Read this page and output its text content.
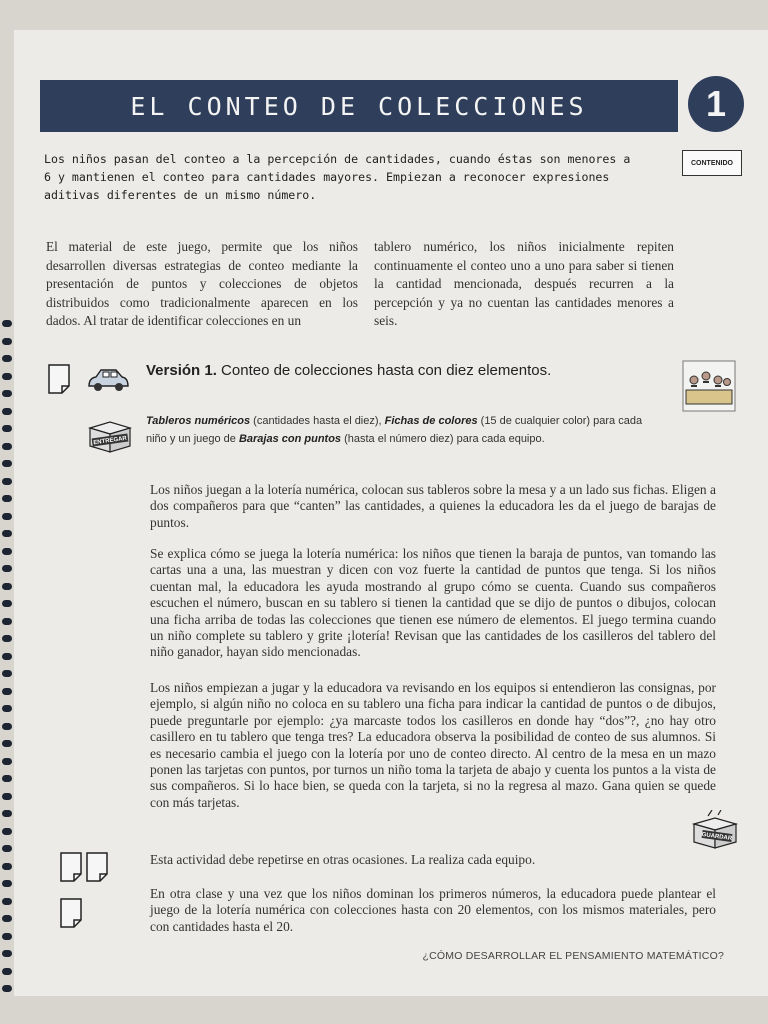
EL CONTEO DE COLECCIONES	1
Los niños pasan del conteo a la percepción de cantidades, cuando éstas son menores a 6 y mantienen el conteo para cantidades mayores. Empiezan a reconocer expresiones aditivas diferentes de un mismo número.
CONTENIDO
El material de este juego, permite que los niños desarrollen diversas estrategias de conteo mediante la presentación de puntos y colecciones de objetos distribuidos como tradicionalmente aparecen en los dados. Al tratar de identificar colecciones en un
tablero numérico, los niños inicialmente repiten continuamente el conteo uno a uno para saber si tienen la cantidad mencionada, después recurren a la percepción y ya no cuentan las cantidades menores a seis.
Versión 1. Conteo de colecciones hasta con diez elementos.
ENTREGAR
Tableros numéricos (cantidades hasta el diez), Fichas de colores (15 de cualquier color) para cada niño y un juego de Barajas con puntos (hasta el número diez) para cada equipo.
Los niños juegan a la lotería numérica, colocan sus tableros sobre la mesa y a un lado sus fichas. Eligen a dos compañeros para que “canten” las cantidades, a quienes la educadora les da el juego de barajas de puntos.
Se explica cómo se juega la lotería numérica: los niños que tienen la baraja de puntos, van tomando las cartas una a una, las muestran y dicen con voz fuerte la cantidad de puntos que tenga. Si los niños cuentan mal, la educadora les ayuda mostrando al grupo cómo se cuenta. Cuando sus compañeros escuchen el número, buscan en su tablero si tienen la cantidad que se dijo de puntos o dibujos, colocan una ficha arriba de todas las colecciones que tienen ese número de elementos. El juego termina cuando un niño complete su tablero y grite ¡lotería! Revisan que las cantidades de los casilleros del tablero del niño ganador, hayan sido mencionadas.
Los niños empiezan a jugar y la educadora va revisando en los equipos si entendieron las consignas, por ejemplo, si algún niño no coloca en su tablero una ficha para indicar la cantidad de puntos o de dibujos, puede preguntarle por ejemplo: ¿ya marcaste todos los casilleros en donde hay “dos”?, ¿no hay otro casillero en tu tablero que tenga tres? La educadora observa la posibilidad de conteo de sus alumnos. Si es necesario cambia el juego con la lotería por uno de conteo directo. Al centro de la mesa en un mazo ponen las tarjetas con puntos, por turnos un niño toma la tarjeta de abajo y cuenta los puntos a la vista de sus compañeros. Si lo hace bien, se queda con la tarjeta, si no la regresa al mazo. Gana quien se quede con más tarjetas.
GUARDAR
Esta actividad debe repetirse en otras ocasiones. La realiza cada equipo.
En otra clase y una vez que los niños dominan los primeros números, la educadora puede plantear el juego de la lotería numérica con colecciones hasta con 20 elementos, con los mismos materiales, pero con cantidades hasta el 20.
¿CÓMO DESARROLLAR EL PENSAMIENTO MATEMÁTICO?
